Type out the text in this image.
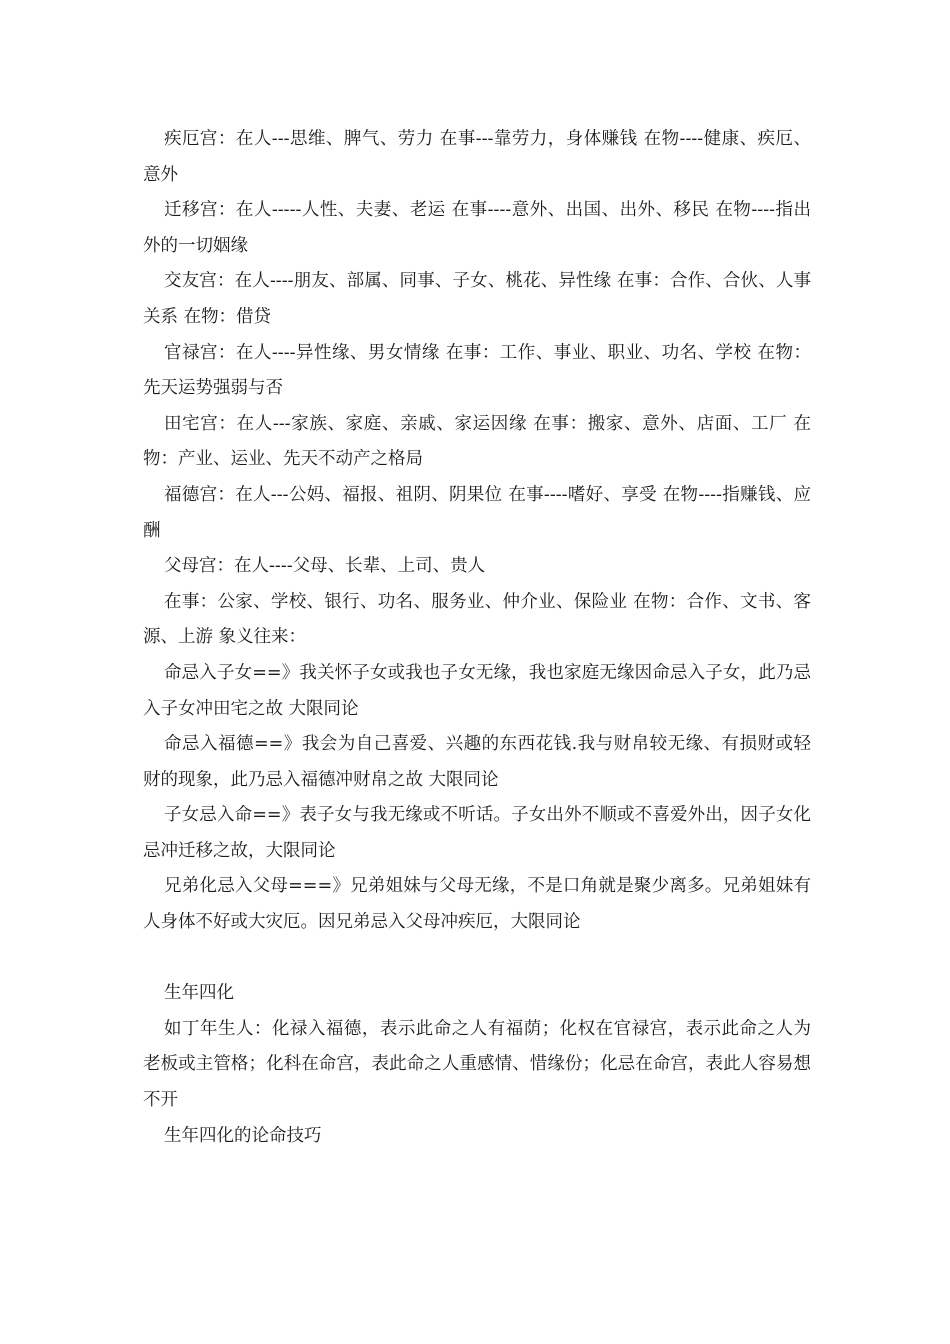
疾厄宫：在人---思维、脾气、劳力 在事---靠劳力，身体赚钱 在物----健康、疾厄、意外

迁移宫：在人-----人性、夫妻、老运 在事----意外、出国、出外、移民 在物----指出外的一切姻缘

交友宫：在人----朋友、部属、同事、子女、桃花、异性缘 在事：合作、合伙、人事关系 在物：借贷

官禄宫：在人----异性缘、男女情缘 在事：工作、事业、职业、功名、学校 在物：先天运势强弱与否

田宅宫：在人---家族、家庭、亲戚、家运因缘 在事：搬家、意外、店面、工厂 在物：产业、运业、先天不动产之格局

福德宫：在人---公妈、福报、祖阴、阴果位 在事----嗜好、享受 在物----指赚钱、应酬

父母宫：在人----父母、长辈、上司、贵人

在事：公家、学校、银行、功名、服务业、仲介业、保险业 在物：合作、文书、客源、上游 象义往来：

命忌入子女==》我关怀子女或我也子女无缘，我也家庭无缘因命忌入子女，此乃忌入子女冲田宅之故 大限同论

命忌入福德==》我会为自己喜爱、兴趣的东西花钱.我与财帛较无缘、有损财或轻财的现象，此乃忌入福德冲财帛之故 大限同论

子女忌入命==》表子女与我无缘或不听话。子女出外不顺或不喜爱外出，因子女化忌冲迁移之故，大限同论

兄弟化忌入父母===》兄弟姐妹与父母无缘，不是口角就是聚少离多。兄弟姐妹有人身体不好或大灾厄。因兄弟忌入父母冲疾厄，大限同论

生年四化

如丁年生人：化禄入福德，表示此命之人有福荫；化权在官禄宫，表示此命之人为老板或主管格；化科在命宫，表此命之人重感情、惜缘份；化忌在命宫，表此人容易想不开

生年四化的论命技巧
